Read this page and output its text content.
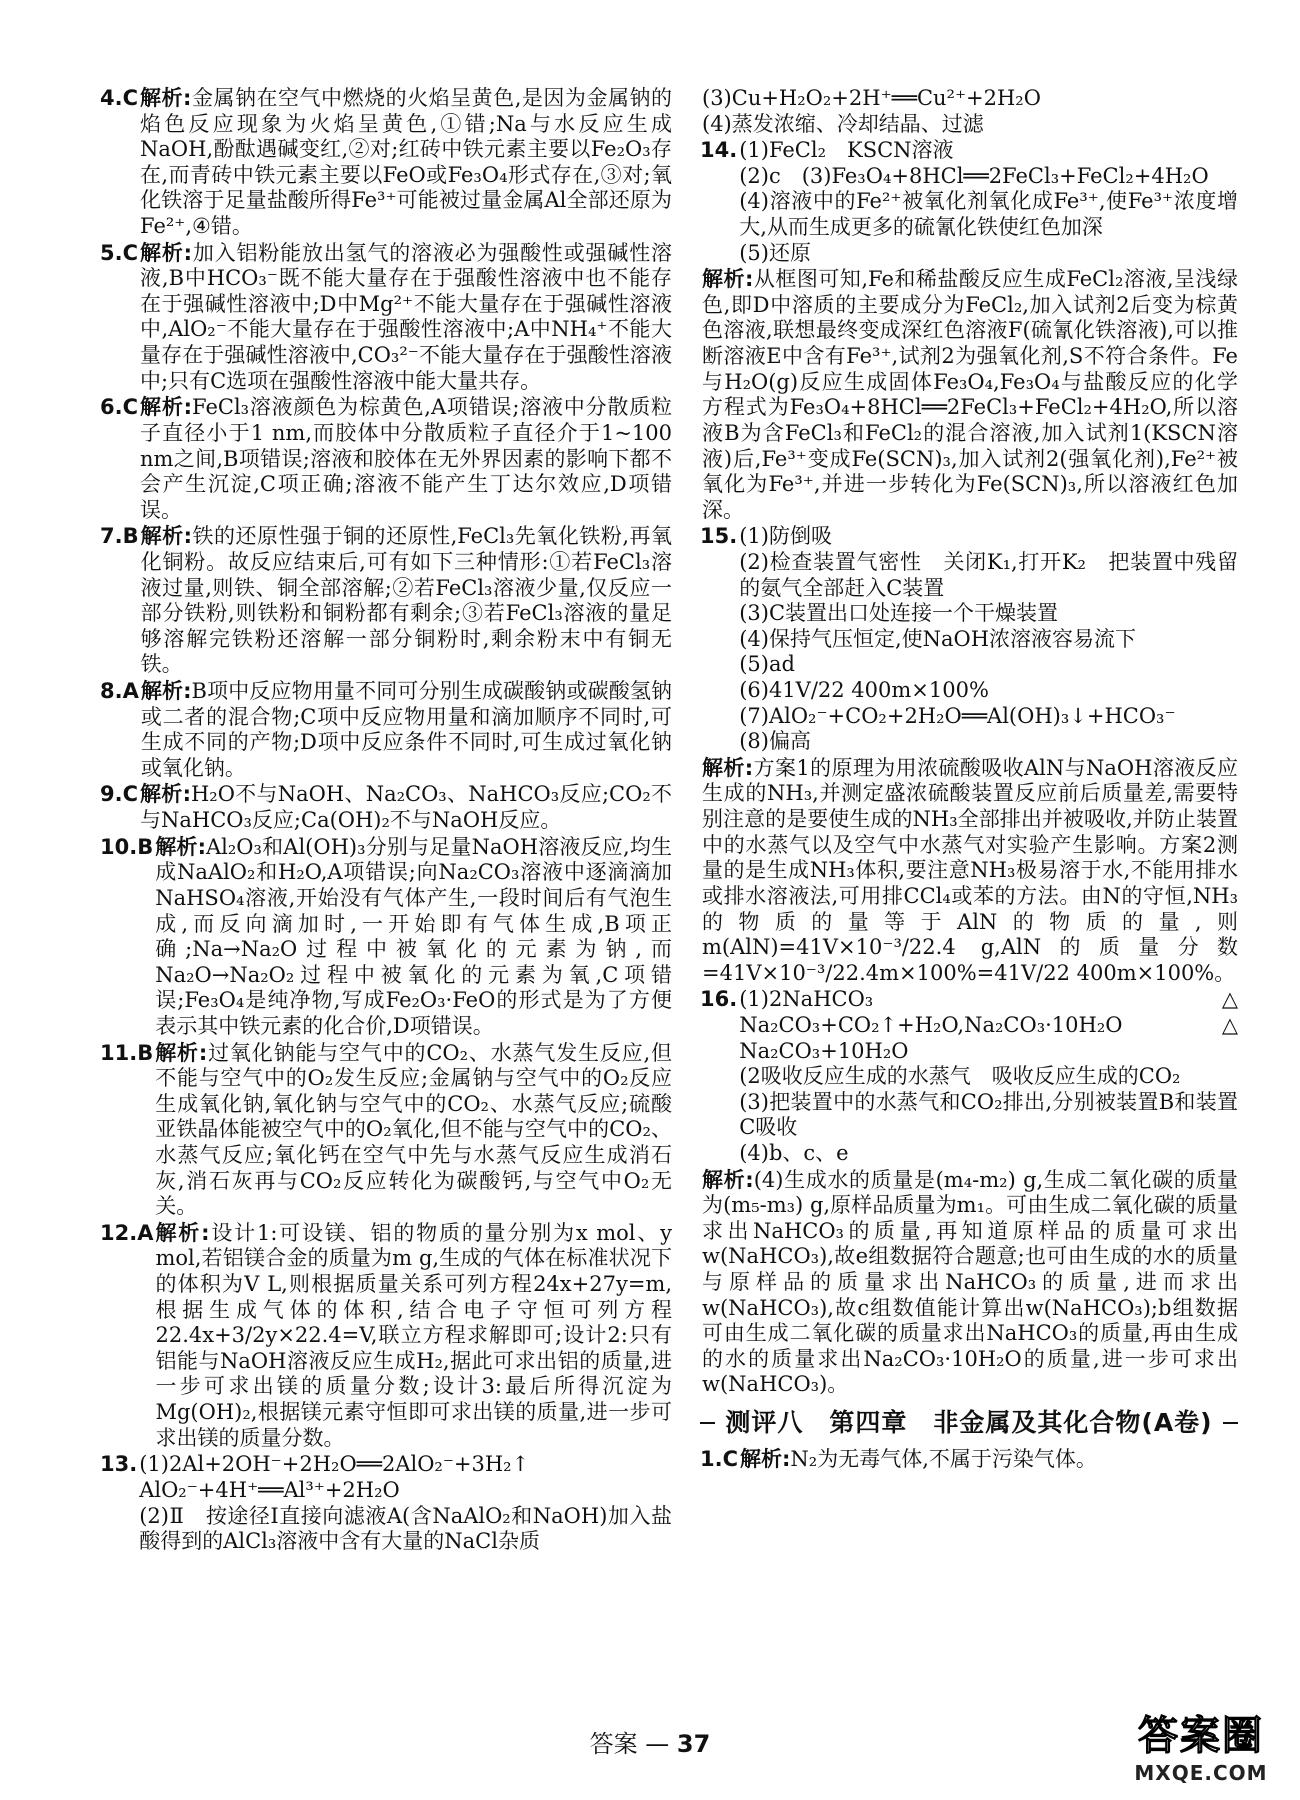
4.C 解析:金属钠在空气中燃烧的火焰呈黄色,是因为金属钠的焰色反应现象为火焰呈黄色,①错;Na与水反应生成NaOH,酚酞遇碱变红,②对;红砖中铁元素主要以Fe₂O₃存在,而青砖中铁元素主要以FeO或Fe₃O₄形式存在,③对;氧化铁溶于足量盐酸所得Fe³⁺可能被过量金属Al全部还原为Fe²⁺,④错。
5.C 解析:加入铝粉能放出氢气的溶液必为强酸性或强碱性溶液,B中HCO₃⁻既不能大量存在于强酸性溶液中也不能存在于强碱性溶液中;D中Mg²⁺不能大量存在于强碱性溶液中,AlO₂⁻不能大量存在于强酸性溶液中;A中NH₄⁺不能大量存在于强碱性溶液中,CO₃²⁻不能大量存在于强酸性溶液中;只有C选项在强酸性溶液中能大量共存。
6.C 解析:FeCl₃溶液颜色为棕黄色,A项错误;溶液中分散质粒子直径小于1 nm,而胶体中分散质粒子直径介于1~100 nm之间,B项错误;溶液和胶体在无外界因素的影响下都不会产生沉淀,C项正确;溶液不能产生丁达尔效应,D项错误。
7.B 解析:铁的还原性强于铜的还原性,FeCl₃先氧化铁粉,再氧化铜粉。故反应结束后,可有如下三种情形:①若FeCl₃溶液过量,则铁、铜全部溶解;②若FeCl₃溶液少量,仅反应一部分铁粉,则铁粉和铜粉都有剩余;③若FeCl₃溶液的量足够溶解完铁粉还溶解一部分铜粉时,剩余粉末中有铜无铁。
8.A 解析:B项中反应物用量不同可分别生成碳酸钠或碳酸氢钠或二者的混合物;C项中反应物用量和滴加顺序不同时,可生成不同的产物;D项中反应条件不同时,可生成过氧化钠或氧化钠。
9.C 解析:H₂O不与NaOH、Na₂CO₃、NaHCO₃反应;CO₂不与NaHCO₃反应;Ca(OH)₂不与NaOH反应。
10.B 解析:Al₂O₃和Al(OH)₃分别与足量NaOH溶液反应,均生成NaAlO₂和H₂O,A项错误;向Na₂CO₃溶液中逐滴滴加NaHSO₄溶液,开始没有气体产生,一段时间后有气泡生成,而反向滴加时,一开始即有气体生成,B项正确;Na→Na₂O过程中被氧化的元素为钠,而Na₂O→Na₂O₂过程中被氧化的元素为氧,C项错误;Fe₃O₄是纯净物,写成Fe₂O₃·FeO的形式是为了方便表示其中铁元素的化合价,D项错误。
11.B 解析:过氧化钠能与空气中的CO₂、水蒸气发生反应,但不能与空气中的O₂发生反应;金属钠与空气中的O₂反应生成氧化钠,氧化钠与空气中的CO₂、水蒸气反应;硫酸亚铁晶体能被空气中的O₂氧化,但不能与空气中的CO₂、水蒸气反应;氧化钙在空气中先与水蒸气反应生成消石灰,消石灰再与CO₂反应转化为碳酸钙,与空气中O₂无关。
12.A 解析:设计1:可设镁、铝的物质的量分别为x mol、y mol,若铝镁合金的质量为m g,生成的气体在标准状况下的体积为V L,则根据质量关系可列方程24x+27y=m,根据生成气体的体积,结合电子守恒可列方程22.4x+3/2y×22.4=V,联立方程求解即可;设计2:只有铝能与NaOH溶液反应生成H₂,据此可求出铝的质量,进一步可求出镁的质量分数;设计3:最后所得沉淀为Mg(OH)₂,根据镁元素守恒即可求出镁的质量,进一步可求出镁的质量分数。
13. (1)2Al+2OH⁻+2H₂O══2AlO₂⁻+3H₂↑
AlO₂⁻+4H⁺══Al³⁺+2H₂O
(2)Ⅱ　按途径Ⅰ直接向滤液A(含NaAlO₂和NaOH)加入盐酸得到的AlCl₃溶液中含有大量的NaCl杂质
(3)Cu+H₂O₂+2H⁺══Cu²⁺+2H₂O
(4)蒸发浓缩、冷却结晶、过滤
14. (1)FeCl₂　KSCN溶液
(2)c　(3)Fe₃O₄+8HCl══2FeCl₃+FeCl₂+4H₂O
(4)溶液中的Fe²⁺被氧化剂氧化成Fe³⁺,使Fe³⁺浓度增大,从而生成更多的硫氰化铁使红色加深
(5)还原
解析:从框图可知,Fe和稀盐酸反应生成FeCl₂溶液,呈浅绿色,即D中溶质的主要成分为FeCl₂,加入试剂2后变为棕黄色溶液,联想最终变成深红色溶液F(硫氰化铁溶液),可以推断溶液E中含有Fe³⁺,试剂2为强氧化剂,S不符合条件。Fe与H₂O(g)反应生成固体Fe₃O₄,Fe₃O₄与盐酸反应的化学方程式为Fe₃O₄+8HCl══2FeCl₃+FeCl₂+4H₂O,所以溶液B为含FeCl₃和FeCl₂的混合溶液,加入试剂1(KSCN溶液)后,Fe³⁺变成Fe(SCN)₃,加入试剂2(强氧化剂),Fe²⁺被氧化为Fe³⁺,并进一步转化为Fe(SCN)₃,所以溶液红色加深。
15. (1)防倒吸
(2)检查装置气密性　关闭K₁,打开K₂　把装置中残留的氨气全部赶入C装置
(3)C装置出口处连接一个干燥装置
(4)保持气压恒定,使NaOH浓溶液容易流下
(5)ad
(6)41V/22 400m×100%
(7)AlO₂⁻+CO₂+2H₂O══Al(OH)₃↓+HCO₃⁻
(8)偏高
解析:方案1的原理为用浓硫酸吸收AlN与NaOH溶液反应生成的NH₃,并测定盛浓硫酸装置反应前后质量差,需要特别注意的是要使生成的NH₃全部排出并被吸收,并防止装置中的水蒸气以及空气中水蒸气对实验产生影响。方案2测量的是生成NH₃体积,要注意NH₃极易溶于水,不能用排水或排水溶液法,可用排CCl₄或苯的方法。由N的守恒,NH₃的物质的量等于AlN的物质的量,则m(AlN)=41V×10⁻³/22.4 g,AlN的质量分数=41V×10⁻³/22.4m×100%=41V/22 400m×100%。
16. (1)2NaHCO₃ △ Na₂CO₃+CO₂↑+H₂O,Na₂CO₃·10H₂O △ Na₂CO₃+10H₂O
(2吸收反应生成的水蒸气　吸收反应生成的CO₂
(3)把装置中的水蒸气和CO₂排出,分别被装置B和装置C吸收
(4)b、c、e
解析:(4)生成水的质量是(m₄-m₂) g,生成二氧化碳的质量为(m₅-m₃) g,原样品质量为m₁。可由生成二氧化碳的质量求出NaHCO₃的质量,再知道原样品的质量可求出w(NaHCO₃),故e组数据符合题意;也可由生成的水的质量与原样品的质量求出NaHCO₃的质量,进而求出w(NaHCO₃),故c组数值能计算出w(NaHCO₃);b组数据可由生成二氧化碳的质量求出NaHCO₃的质量,再由生成的水的质量求出Na₂CO₃·10H₂O的质量,进一步可求出w(NaHCO₃)。
测评八　第四章　非金属及其化合物(A卷)
1.C 解析:N₂为无毒气体,不属于污染气体。
答案 — 37	答案圈
MXQE.COM
